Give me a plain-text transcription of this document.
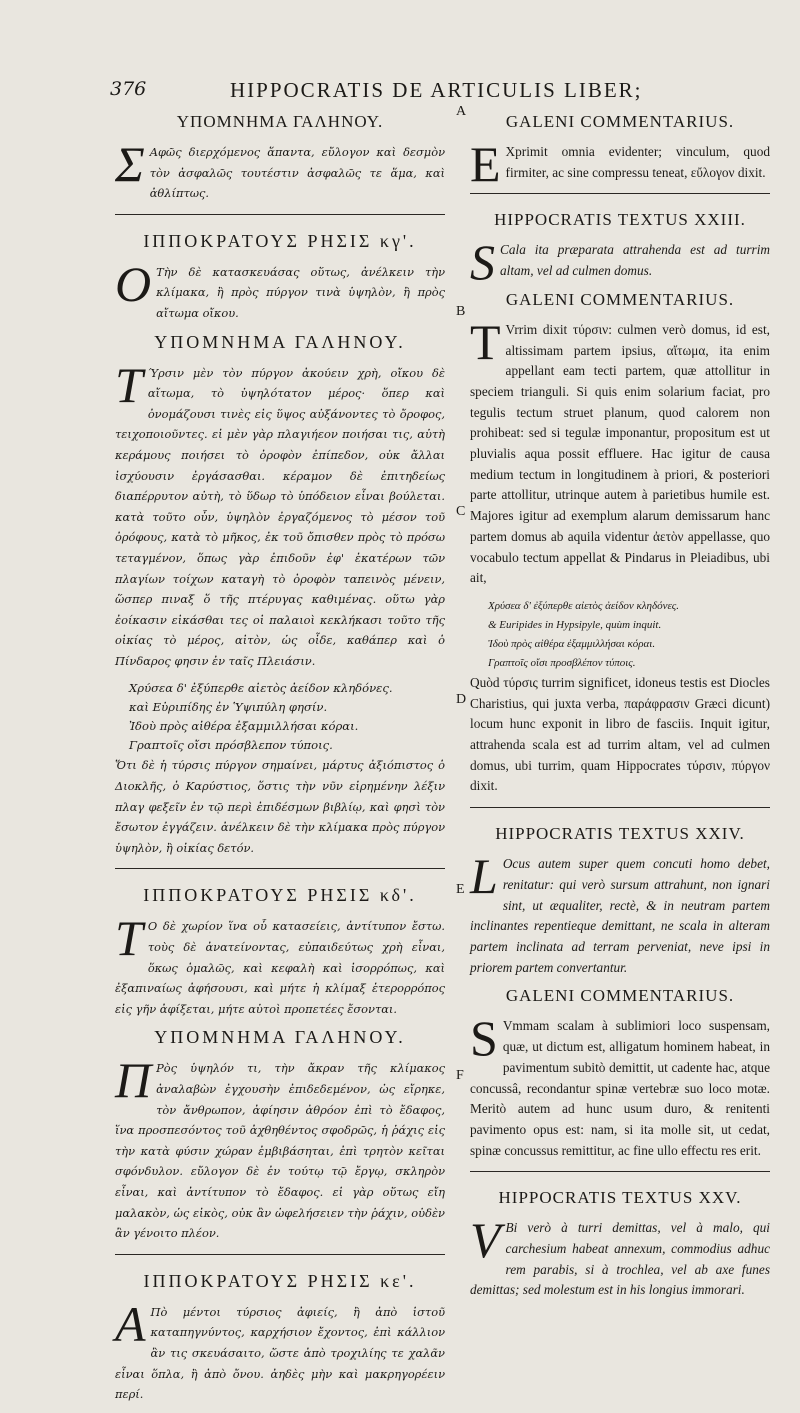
376	HIPPOCRATIS DE ARTICULIS LIBER;
A
B
C
D
E
F
ΥΠΟΜΝΗΜΑ ΓΑΛΗΝΟΥ.
Σ Αφῶς διερχόμενος ἅπαντα, εὔλογον καὶ δεσμὸν τὸν ἀσφαλῶς τουτέστιν ἀσφαλῶς τε ἅμα, καὶ ἀθλίπτως.
ΙΠΠΟΚΡΑΤΟΥΣ ΡΗΣΙΣ κγ'.
Ο Τὴν δὲ κατασκευάσας οὕτως, ἀνέλκειν τὴν κλίμακα, ἢ πρὸς πύργον τινὰ ὑψηλὸν, ἢ πρὸς αἴτωμα οἴκου.
ΥΠΟΜΝΗΜΑ ΓΑΛΗΝΟΥ.
Τ Ύρσιν μὲν τὸν πύργον ἀκούειν χρὴ, οἴκου δὲ αἴτωμα, τὸ ὑψηλότατον μέρος· ὅπερ καὶ ὀνομάζουσι τινὲς εἰς ὕψος αὐξάνοντες τὸ ὄροφος, τειχοποιοῦντες. εἰ μὲν γὰρ πλαγιήεον ποιήσαι τις, αὐτὴ κεράμους ποιήσει τὸ ὀροφὸν ἐπίπεδον, οὐκ ἄλλαι ἰσχύουσιν ἐργάσασθαι. κέραμον δὲ ἐπιτηδείως διαπέρρυτον αὐτὴ, τὸ ὕδωρ τὸ ὑπόδειον εἶναι βούλεται. κατὰ τοῦτο οὖν, ὑψηλὸν ἐργαζόμενος τὸ μέσον τοῦ ὀρόφους, κατὰ τὸ μῆκος, ἐκ τοῦ ὄπισθεν πρὸς τὸ πρόσω τεταγμένον, ὅπως γὰρ ἐπιδοῦν ἐφ' ἑκατέρων τῶν πλαγίων τοίχων καταγὴ τὸ ὀροφὸν ταπεινὸς μένειν, ὥσπερ πιναξ ὅ τῆς πτέρυγας καθιμένας. οὕτω γὰρ ἐοίκασιν εἰκάσθαι τες οἱ παλαιοὶ κεκλήκασι τοῦτο τῆς οἰκίας τὸ μέρος, αἰτὸν, ὡς οἶδε, καθάπερ καὶ ὁ Πίνδαρος φησιν ἐν ταῖς Πλειάσιν.
Χρύσεα δ' ἐξύπερθε αἰετὸς ἀείδον κληδόνες.
καὶ Εὐριπίδης ἐν Ὑψιπύλη φησίν.
Ἰδοὺ πρὸς αἰθέρα ἐξαμμιλλήσαι κόραι.
Γραπτοῖς οἴσι πρόσβλεπον τύποις.
Ὅτι δὲ ἡ τύρσις πύργον σημαίνει, μάρτυς ἀξιόπιστος ὁ Διοκλῆς, ὁ Καρύστιος, ὅστις τὴν νῦν εἰρημένην λέξιν πλαγ φεξεῖν ἐν τῷ περὶ ἐπιδέσμων βιβλίῳ, καὶ φησὶ τὸν ἔσωτον ἐγγάζειν. ἀνέλκειν δὲ τὴν κλίμακα πρὸς πύργον ὑψηλὸν, ἢ οἰκίας δετόν.
ΙΠΠΟΚΡΑΤΟΥΣ ΡΗΣΙΣ κδ'.
Τ Ο δὲ χωρίον ἵνα οὗ κατασείεις, ἀντίτυπον ἔστω. τοὺς δὲ ἀνατείνοντας, εὐπαιδεύτως χρὴ εἶναι, ὅκως ὁμαλῶς, καὶ κεφαλὴ καὶ ἰσορρόπως, καὶ ἐξαπιναίως ἀφήσουσι, καὶ μήτε ἡ κλίμαξ ἑτερορρόπος εἰς γῆν ἀφίξεται, μήτε αὐτοὶ προπετέες ἔσονται.
ΥΠΟΜΝΗΜΑ ΓΑΛΗΝΟΥ.
Π Ρὸς ὑψηλόν τι, τὴν ἄκραν τῆς κλίμακος ἀναλαβὼν ἐγχουσὴν ἐπιδεδεμένον, ὡς εἴρηκε, τὸν ἄνθρωπον, ἀφίησιν ἀθρόον ἐπὶ τὸ ἔδαφος, ἵνα προσπεσόντος τοῦ ἀχθηθέντος σφοδρῶς, ἡ ῥάχις εἰς τὴν κατὰ φύσιν χώραν ἐμβιβάσηται, ἐπὶ τρητὸν κεῖται σφόνδυλον. εὔλογον δὲ ἐν τούτῳ τῷ ἔργῳ, σκληρὸν εἶναι, καὶ ἀντίτυπον τὸ ἔδαφος. εἰ γὰρ οὕτως εἴη μαλακὸν, ὡς εἰκὸς, οὐκ ἂν ὠφελήσειεν τὴν ῥάχιν, οὐδὲν ἂν γένοιτο πλέον.
ΙΠΠΟΚΡΑΤΟΥΣ ΡΗΣΙΣ κε'.
Α Πὸ μέντοι τύρσιος ἀφιείς, ἢ ἀπὸ ἱστοῦ καταπηγνύντος, καρχήσιον ἔχοντος, ἐπὶ κάλλιον ἂν τις σκευάσαιτο, ὥστε ἀπὸ τροχιλίης τε χαλᾶν εἶναι ὅπλα, ἢ ἀπὸ ὄνου. ἀηδὲς μὴν καὶ μακρηγορέειν περί.
GALENI COMMENTARIUS.
E Xprimit omnia evidenter; vinculum, quod firmiter, ac sine compressu teneat, εὔλογον dixit.
HIPPOCRATIS TEXTUS XXIII.
S Cala ita præparata attrahenda est ad turrim altam, vel ad culmen domus.
GALENI COMMENTARIUS.
T Vrrim dixit τύρσιν: culmen verò domus, id est, altissimam partem ipsius, αἴτωμα, ita enim appellant eam tecti partem, quæ attollitur in speciem trianguli. Si quis enim solarium faciat, pro tegulis tectum struet planum, quod calorem non prohibeat: sed si tegulæ imponantur, propositum est ut pluvialis aqua possit effluere. Hac igitur de causa medium tectum in longitudinem à priori, & posteriori parte attollitur, utrinque autem à parietibus humile est. Majores igitur ad exemplum alarum demissarum hanc partem domus ab aquila videntur ἀετὸν appellasse, quo vocabulo tectum appellat & Pindarus in Pleiadibus, ubi ait,
Χρύσεα δ' ἐξύπερθε αἰετὸς ἀείδον κληδόνες.
& Euripides in Hypsipyle, quùm inquit.
Ἰδοὺ πρὸς αἰθέρα ἐξαμμιλλήσαι κόραι.
Γραπτοῖς οἴσι προσβλέπον τύποις.
Quòd τύρσις turrim significet, idoneus testis est Diocles Charistius, qui juxta verba, παράφρασιν Græci dicunt) locum hunc exponit in libro de fasciis. Inquit igitur, attrahenda scala est ad turrim altam, vel ad culmen domus, ubi turrim, quam Hippocrates τύρσιν, πύργον dixit.
HIPPOCRATIS TEXTUS XXIV.
L Ocus autem super quem concuti homo debet, renitatur: qui verò sursum attrahunt, non ignari sint, ut æqualiter, rectè, & in neutram partem inclinantes repentieque demittant, ne scala in alteram partem inclinata ad terram perveniat, neve ipsi in priorem partem convertantur.
GALENI COMMENTARIUS.
S Vmmam scalam à sublimiori loco suspensam, quæ, ut dictum est, alligatum hominem habeat, in pavimentum subitò demittit, ut cadente hac, atque concussâ, recondantur spinæ vertebræ suo loco motæ. Meritò autem ad hunc usum duro, & renitenti pavimento opus est: nam, si ita molle sit, ut cedat, spinæ concussus remittitur, ac fine ullo effectu res erit.
HIPPOCRATIS TEXTUS XXV.
V Bi verò à turri demittas, vel à malo, qui carchesium habeat annexum, commodius adhuc rem parabis, si à trochlea, vel ab axe funes demittas; sed molestum est in his longius immorari.
